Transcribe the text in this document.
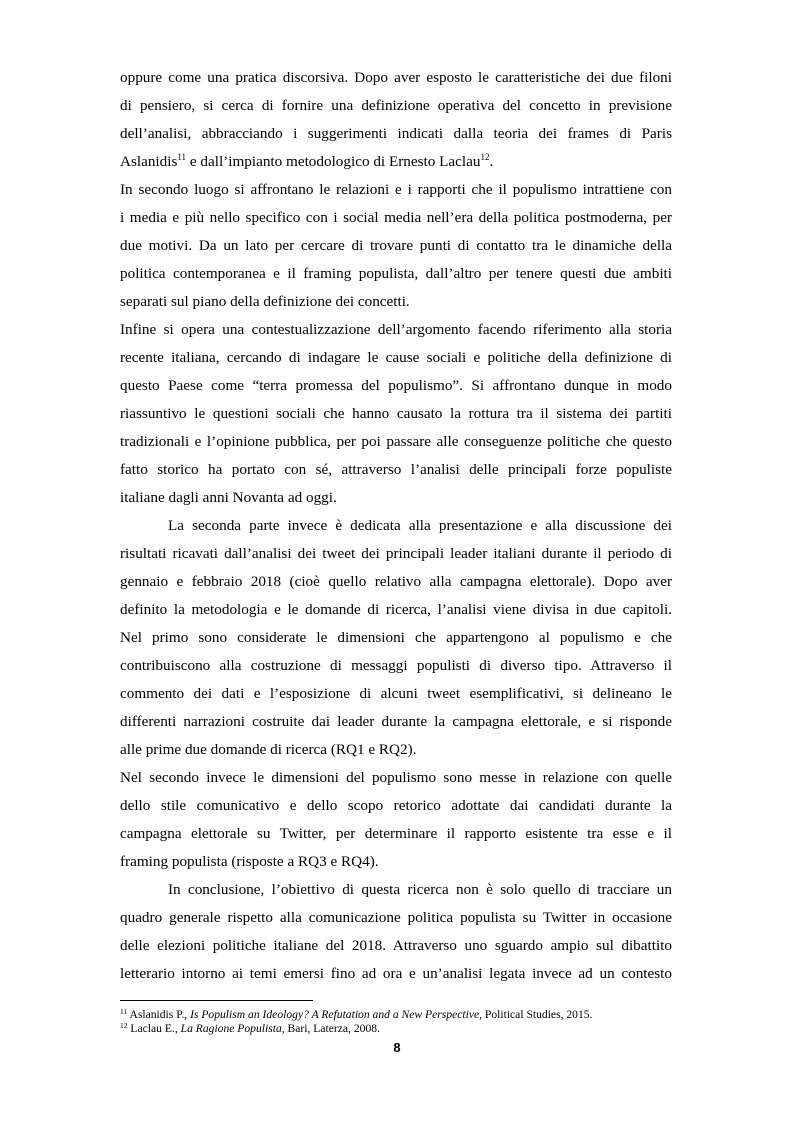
oppure come una pratica discorsiva. Dopo aver esposto le caratteristiche dei due filoni
di pensiero, si cerca di fornire una definizione operativa del concetto in previsione
dell’analisi, abbracciando i suggerimenti indicati dalla teoria dei frames di Paris
Aslanidis$^{11}$ e dall’impianto metodologico di Ernesto Laclau$^{12}$.
In secondo luogo si affrontano le relazioni e i rapporti che il populismo intrattiene con
i media e più nello specifico con i social media nell’era della politica postmoderna, per
due motivi. Da un lato per cercare di trovare punti di contatto tra le dinamiche della
politica contemporanea e il framing populista, dall’altro per tenere questi due ambiti
separati sul piano della definizione dei concetti.
Infine si opera una contestualizzazione dell’argomento facendo riferimento alla storia
recente italiana, cercando di indagare le cause sociali e politiche della definizione di
questo Paese come “terra promessa del populismo”. Si affrontano dunque in modo
riassuntivo le questioni sociali che hanno causato la rottura tra il sistema dei partiti
tradizionali e l’opinione pubblica, per poi passare alle conseguenze politiche che questo
fatto storico ha portato con sé, attraverso l’analisi delle principali forze populiste
italiane dagli anni Novanta ad oggi.
La seconda parte invece è dedicata alla presentazione e alla discussione dei
risultati ricavati dall’analisi dei tweet dei principali leader italiani durante il periodo di
gennaio e febbraio 2018 (cioè quello relativo alla campagna elettorale). Dopo aver
definito la metodologia e le domande di ricerca, l’analisi viene divisa in due capitoli.
Nel primo sono considerate le dimensioni che appartengono al populismo e che
contribuiscono alla costruzione di messaggi populisti di diverso tipo. Attraverso il
commento dei dati e l’esposizione di alcuni tweet esemplificativi, si delineano le
differenti narrazioni costruite dai leader durante la campagna elettorale, e si risponde
alle prime due domande di ricerca (RQ1 e RQ2).
Nel secondo invece le dimensioni del populismo sono messe in relazione con quelle
dello stile comunicativo e dello scopo retorico adottate dai candidati durante la
campagna elettorale su Twitter, per determinare il rapporto esistente tra esse e il
framing populista (risposte a RQ3 e RQ4).
In conclusione, l’obiettivo di questa ricerca non è solo quello di tracciare un
quadro generale rispetto alla comunicazione politica populista su Twitter in occasione
delle elezioni politiche italiane del 2018. Attraverso uno sguardo ampio sul dibattito
letterario intorno ai temi emersi fino ad ora e un’analisi legata invece ad un contesto
$^{11}$ Aslanidis P., Is Populism an Ideology? A Refutation and a New Perspective, Political Studies, 2015.
$^{12}$ Laclau E., La Ragione Populista, Bari, Laterza, 2008.
8
